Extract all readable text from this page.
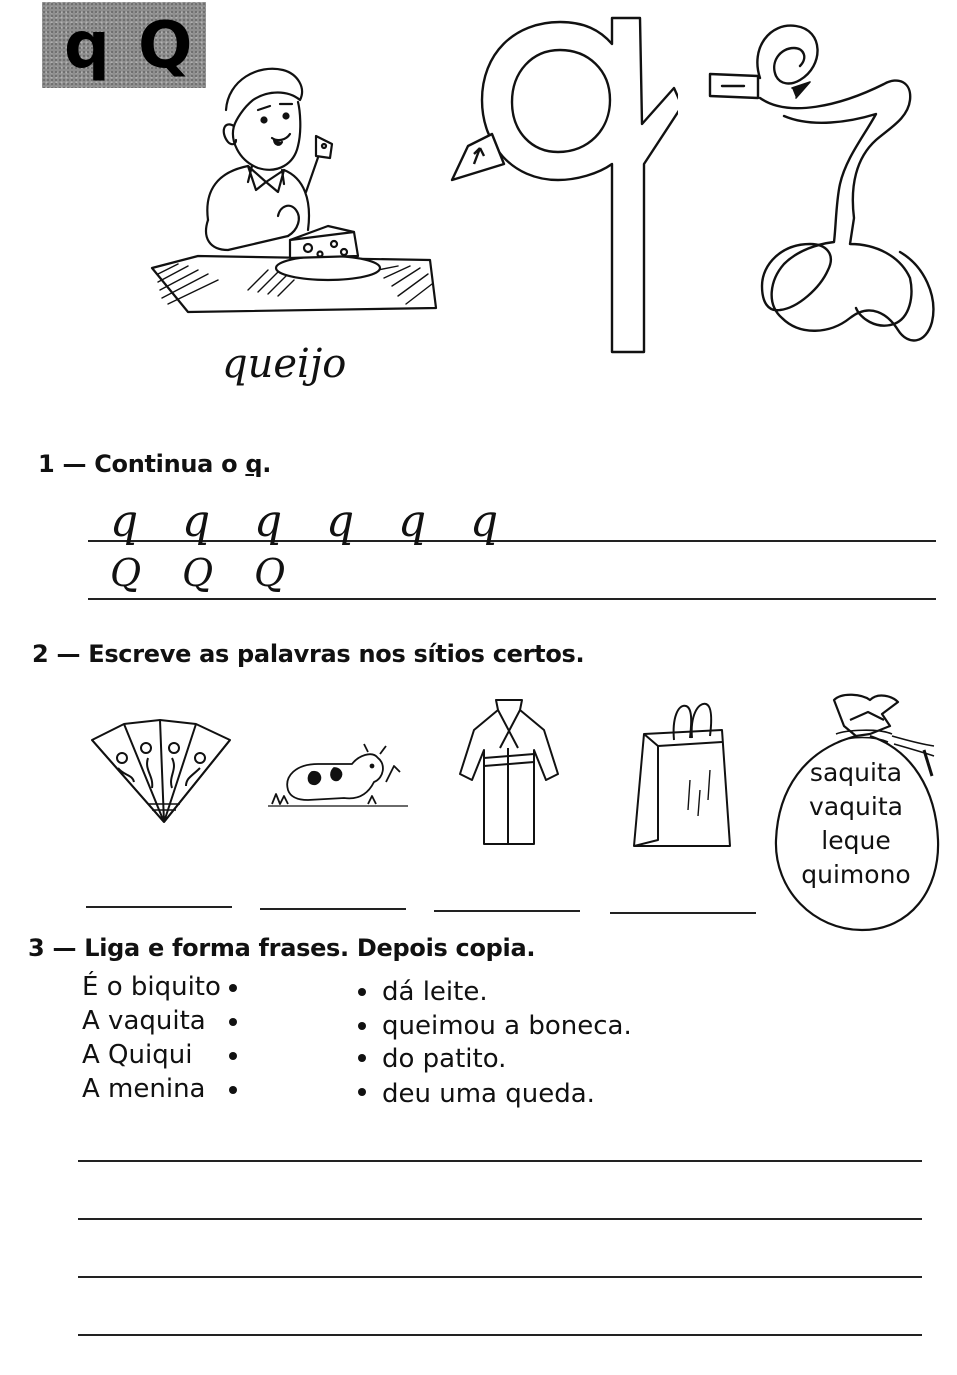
q Q
queijo
1 — Continua o q.
q q q q q q
Q Q Q
2 — Escreve as palavras nos sítios certos.
saquita
vaquita
leque
quimono
3 — Liga e forma frases. Depois copia.
É o biquito
A vaquita
A Quiqui
A menina
dá leite.
queimou a boneca.
do patito.
deu uma queda.
